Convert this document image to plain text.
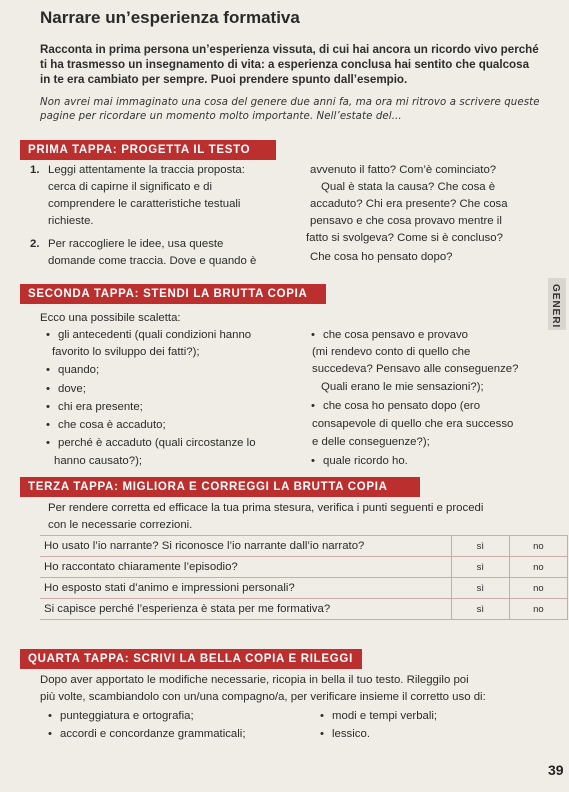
Narrare un’esperienza formativa
Racconta in prima persona un’esperienza vissuta, di cui hai ancora un ricordo vivo perché ti ha trasmesso un insegnamento di vita: a esperienza conclusa hai sentito che qualcosa in te era cambiato per sempre. Puoi prendere spunto dall’esempio.
Non avrei mai immaginato una cosa del genere due anni fa, ma ora mi ritrovo a scrivere queste pagine per ricordare un momento molto importante. Nell’estate del...
GENERI
PRIMA TAPPA: PROGETTA IL TESTO
1. Leggi attentamente la traccia proposta:
cerca di capirne il significato e di
comprendere le caratteristiche testuali
richieste.
2. Per raccogliere le idee, usa queste
domande come traccia. Dove e quando è
avvenuto il fatto? Com’è cominciato?
Qual è stata la causa? Che cosa è
accaduto? Chi era presente? Che cosa
pensavo e che cosa provavo mentre il
fatto si svolgeva? Come si è concluso?
Che cosa ho pensato dopo?
SECONDA TAPPA: STENDI LA BRUTTA COPIA
Ecco una possibile scaletta:
• gli antecedenti (quali condizioni hanno
favorito lo sviluppo dei fatti?);
• quando;
• dove;
• chi era presente;
• che cosa è accaduto;
• perché è accaduto (quali circostanze lo
hanno causato?);
• che cosa pensavo e provavo
(mi rendevo conto di quello che
succedeva? Pensavo alle conseguenze?
Quali erano le mie sensazioni?);
• che cosa ho pensato dopo (ero
consapevole di quello che era successo
e delle conseguenze?);
• quale ricordo ho.
TERZA TAPPA: MIGLIORA E CORREGGI LA BRUTTA COPIA
Per rendere corretta ed efficace la tua prima stesura, verifica i punti seguenti e procedi
con le necessarie correzioni.
Ho usato l’io narrante? Si riconosce l’io narrante dall’io narrato?	sì	no
Ho raccontato chiaramente l’episodio?	sì	no
Ho esposto stati d’animo e impressioni personali?	sì	no
Si capisce perché l’esperienza è stata per me formativa?	sì	no
QUARTA TAPPA: SCRIVI LA BELLA COPIA E RILEGGI
Dopo aver apportato le modifiche necessarie, ricopia in bella il tuo testo. Rileggilo poi
più volte, scambiandolo con un/una compagno/a, per verificare insieme il corretto uso di:
• punteggiatura e ortografia;
• accordi e concordanze grammaticali;
• modi e tempi verbali;
• lessico.
39
